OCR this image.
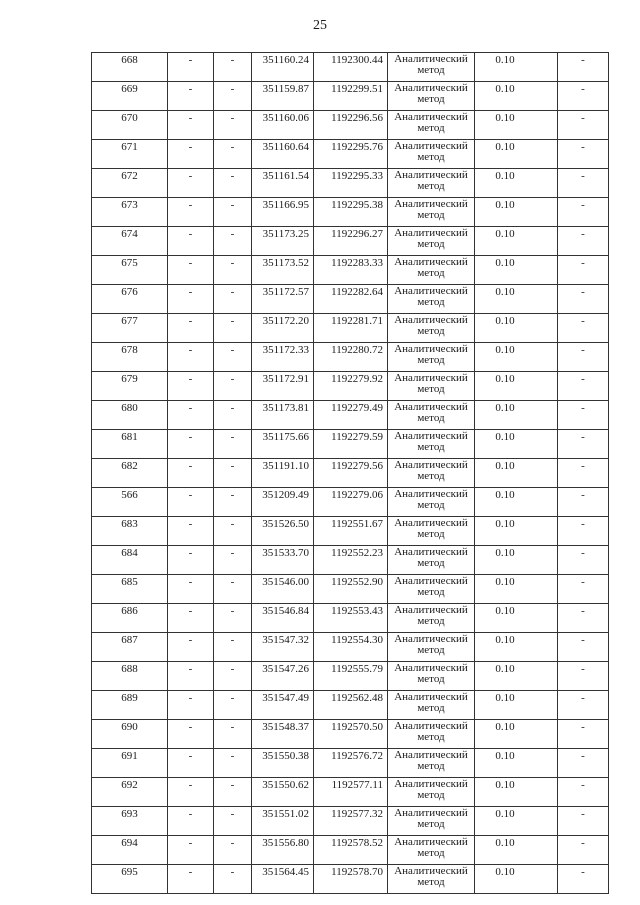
25
668	-	-	351160.24	1192300.44	Аналитический
метод	0.10	-
669	-	-	351159.87	1192299.51	Аналитический
метод	0.10	-
670	-	-	351160.06	1192296.56	Аналитический
метод	0.10	-
671	-	-	351160.64	1192295.76	Аналитический
метод	0.10	-
672	-	-	351161.54	1192295.33	Аналитический
метод	0.10	-
673	-	-	351166.95	1192295.38	Аналитический
метод	0.10	-
674	-	-	351173.25	1192296.27	Аналитический
метод	0.10	-
675	-	-	351173.52	1192283.33	Аналитический
метод	0.10	-
676	-	-	351172.57	1192282.64	Аналитический
метод	0.10	-
677	-	-	351172.20	1192281.71	Аналитический
метод	0.10	-
678	-	-	351172.33	1192280.72	Аналитический
метод	0.10	-
679	-	-	351172.91	1192279.92	Аналитический
метод	0.10	-
680	-	-	351173.81	1192279.49	Аналитический
метод	0.10	-
681	-	-	351175.66	1192279.59	Аналитический
метод	0.10	-
682	-	-	351191.10	1192279.56	Аналитический
метод	0.10	-
566	-	-	351209.49	1192279.06	Аналитический
метод	0.10	-
683	-	-	351526.50	1192551.67	Аналитический
метод	0.10	-
684	-	-	351533.70	1192552.23	Аналитический
метод	0.10	-
685	-	-	351546.00	1192552.90	Аналитический
метод	0.10	-
686	-	-	351546.84	1192553.43	Аналитический
метод	0.10	-
687	-	-	351547.32	1192554.30	Аналитический
метод	0.10	-
688	-	-	351547.26	1192555.79	Аналитический
метод	0.10	-
689	-	-	351547.49	1192562.48	Аналитический
метод	0.10	-
690	-	-	351548.37	1192570.50	Аналитический
метод	0.10	-
691	-	-	351550.38	1192576.72	Аналитический
метод	0.10	-
692	-	-	351550.62	1192577.11	Аналитический
метод	0.10	-
693	-	-	351551.02	1192577.32	Аналитический
метод	0.10	-
694	-	-	351556.80	1192578.52	Аналитический
метод	0.10	-
695	-	-	351564.45	1192578.70	Аналитический
метод	0.10	-
